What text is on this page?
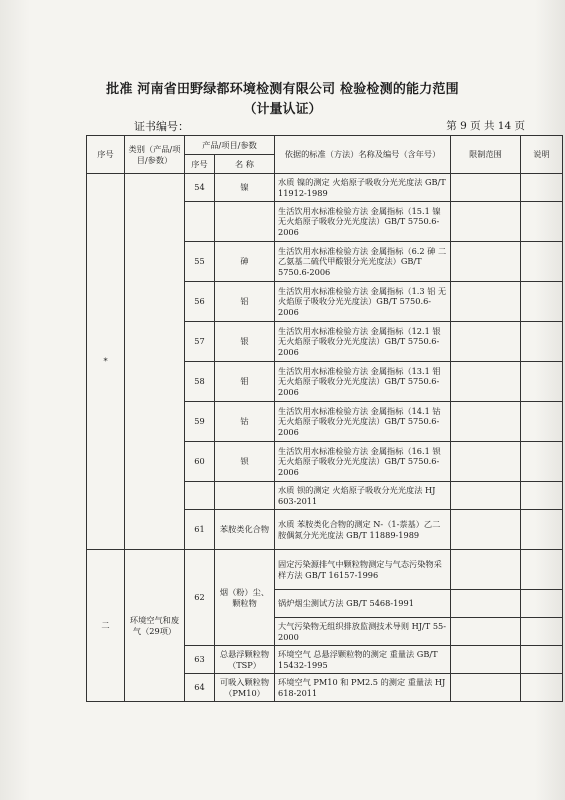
批准 河南省田野绿都环境检测有限公司 检验检测的能力范围
（计量认证）
证书编号：	第 9 页 共 14 页
序号	类别（产品/项目/参数）	产品/项目/参数		依据的标准（方法）名称及编号（含年号）	限制范围	说明
		序号	名 称			
*		54	镍	水质 镍的测定 火焰原子吸收分光光度法 GB/T 11912-1989		
				生活饮用水标准检验方法 金属指标（15.1 镍 无火焰原子吸收分光光度法）GB/T 5750.6-2006		
		55	砷	生活饮用水标准检验方法 金属指标（6.2 砷 二乙氨基二硫代甲酸银分光光度法）GB/T 5750.6-2006		
		56	铝	生活饮用水标准检验方法 金属指标（1.3 铝 无火焰原子吸收分光光度法）GB/T 5750.6-2006		
		57	银	生活饮用水标准检验方法 金属指标（12.1 银 无火焰原子吸收分光光度法）GB/T 5750.6-2006		
		58	钼	生活饮用水标准检验方法 金属指标（13.1 钼 无火焰原子吸收分光光度法）GB/T 5750.6-2006		
		59	钴	生活饮用水标准检验方法 金属指标（14.1 钴 无火焰原子吸收分光光度法）GB/T 5750.6-2006		
		60	钡	生活饮用水标准检验方法 金属指标（16.1 钡 无火焰原子吸收分光光度法）GB/T 5750.6-2006		
				水质 钡的测定 火焰原子吸收分光光度法 HJ 603-2011		
		61	苯胺类化合物	水质 苯胺类化合物的测定 N-（1-萘基）乙二胺偶氮分光光度法 GB/T 11889-1989		
二	环境空气和废气（29项）	62	烟（粉）尘、颗粒物	固定污染源排气中颗粒物测定与气态污染物采样方法 GB/T 16157-1996		
				锅炉烟尘测试方法 GB/T 5468-1991		
				大气污染物无组织排放监测技术导则 HJ/T 55-2000		
		63	总悬浮颗粒物（TSP）	环境空气 总悬浮颗粒物的测定 重量法 GB/T 15432-1995		
		64	可吸入颗粒物（PM10）	环境空气 PM10 和 PM2.5 的测定 重量法 HJ 618-2011		
